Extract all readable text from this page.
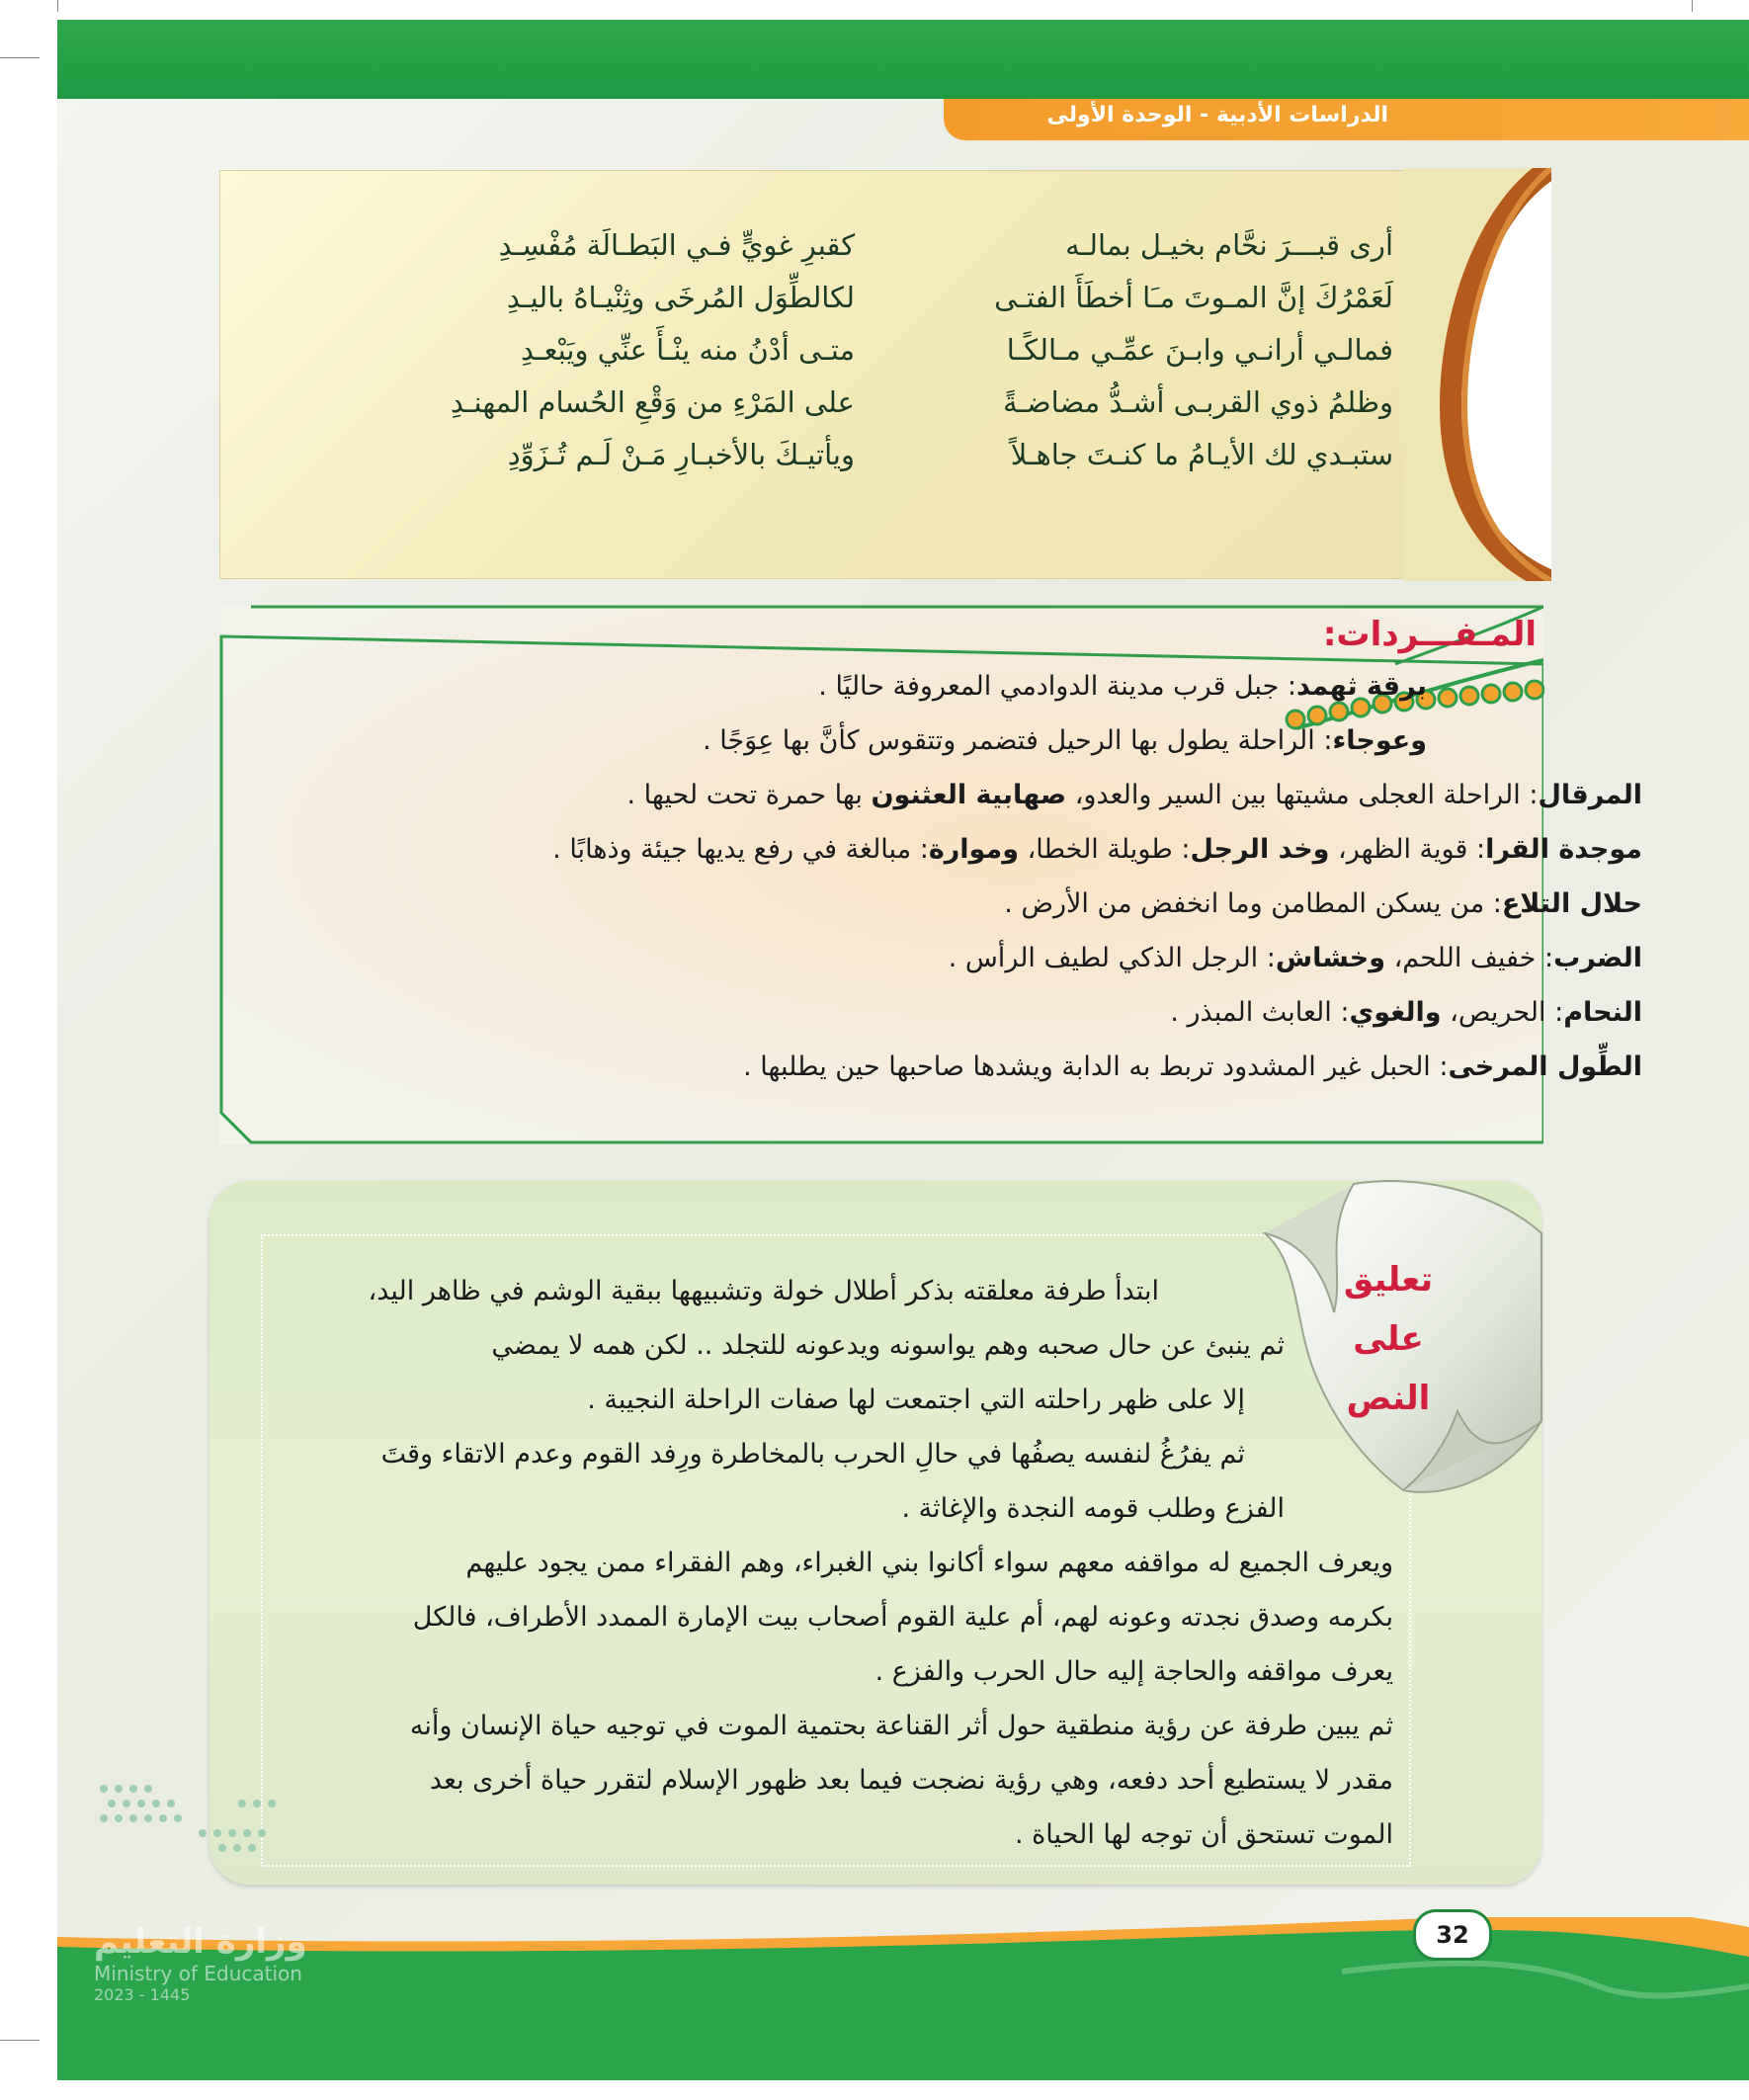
الدراسات الأدبية - الوحدة الأولى
أرى قبـــرَ نحَّام بخيـل بمالـه
لَعَمْرُكَ إنَّ المـوتَ مـَا أخطَأَ الفتـى
فمالـي أرانـي وابـنَ عمِّـي مـالكًـا
وظلمُ ذوي القربـى أشـدُّ مضاضـةً
ستبـدي لك الأيـامُ ما كنـتَ جاهـلاً
كقبرِ غويٍّ فـي البَطـالَة مُفْسِـدِ
لكالطِّوَل المُرخَى وثِنْيـاهُ باليـدِ
متـى أدْنُ منه ينْـأَ عنِّي ويَبْعـدِ
على المَرْءِ من وَقْعِ الحُسام المهنـدِ
ويأتيـكَ بالأخبـارِ مَـنْ لَـم تُـزَوِّدِ
المـفـــردات:
برقة ثهمد: جبل قرب مدينة الدوادمي المعروفة حاليًا .
وعوجاء: الراحلة يطول بها الرحيل فتضمر وتتقوس كأنَّ بها عِوَجًا .
المرقال: الراحلة العجلى مشيتها بين السير والعدو، صهابية العثنون بها حمرة تحت لحيها .
موجدة القرا: قوية الظهر، وخد الرجل: طويلة الخطا، وموارة: مبالغة في رفع يديها جيئة وذهابًا .
حلال التلاع: من يسكن المطامن وما انخفض من الأرض .
الضرب: خفيف اللحم، وخشاش: الرجل الذكي لطيف الرأس .
النحام: الحريص، والغوي: العابث المبذر .
الطِّول المرخى: الحبل غير المشدود تربط به الدابة ويشدها صاحبها حين يطلبها .
تعليق
على
النص
ابتدأ طرفة معلقته بذكر أطلال خولة وتشبيهها ببقية الوشم في ظاهر اليد،
ثم ينبئ عن حال صحبه وهم يواسونه ويدعونه للتجلد .. لكن همه لا يمضي
إلا على ظهر راحلته التي اجتمعت لها صفات الراحلة النجيبة .
ثم يفرُغُ لنفسه يصفُها في حالِ الحرب بالمخاطرة ورِفد القوم وعدم الاتقاء وقتَ
الفزع وطلب قومه النجدة والإغاثة .
ويعرف الجميع له مواقفه معهم سواء أكانوا بني الغبراء، وهم الفقراء ممن يجود عليهم
بكرمه وصدق نجدته وعونه لهم، أم علية القوم أصحاب بيت الإمارة الممدد الأطراف، فالكل
يعرف مواقفه والحاجة إليه حال الحرب والفزع .
ثم يبين طرفة عن رؤية منطقية حول أثر القناعة بحتمية الموت في توجيه حياة الإنسان وأنه
مقدر لا يستطيع أحد دفعه، وهي رؤية نضجت فيما بعد ظهور الإسلام لتقرر حياة أخرى بعد
الموت تستحق أن توجه لها الحياة .
32
وزارة التعليم
Ministry of Education
2023 - 1445
